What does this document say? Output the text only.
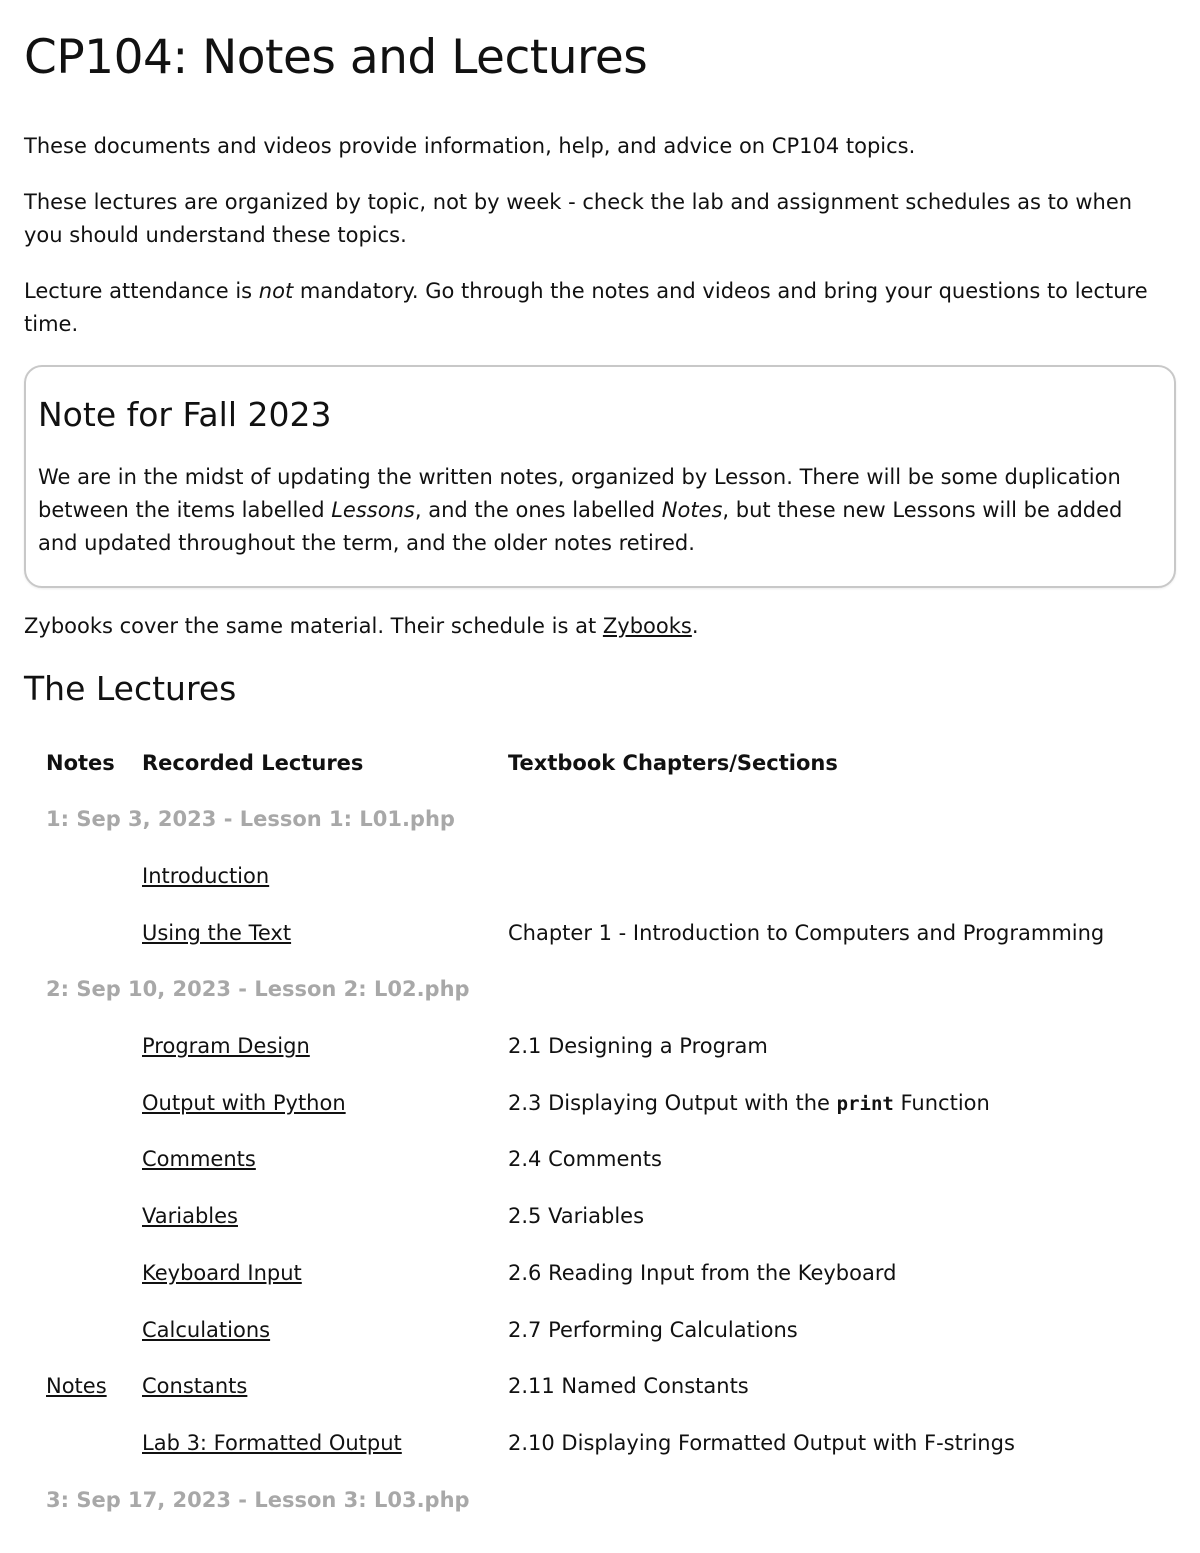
CP104: Notes and Lectures

These documents and videos provide information, help, and advice on CP104 topics.

These lectures are organized by topic, not by week - check the lab and assignment schedules as to when you should understand these topics.

Lecture attendance is not mandatory. Go through the notes and videos and bring your questions to lecture time.

Note for Fall 2023

We are in the midst of updating the written notes, organized by Lesson. There will be some duplication between the items labelled Lessons, and the ones labelled Notes, but these new Lessons will be added and updated throughout the term, and the older notes retired.

Zybooks cover the same material. Their schedule is at Zybooks.

The Lectures
Notes	Recorded Lectures	Textbook Chapters/Sections
1: Sep 3, 2023 - Lesson 1: L01.php		
	Introduction	
	Using the Text	Chapter 1 - Introduction to Computers and Programming
2: Sep 10, 2023 - Lesson 2: L02.php		
	Program Design	2.1 Designing a Program
	Output with Python	2.3 Displaying Output with the print Function
	Comments	2.4 Comments
	Variables	2.5 Variables
	Keyboard Input	2.6 Reading Input from the Keyboard
	Calculations	2.7 Performing Calculations
Notes	Constants	2.11 Named Constants
	Lab 3: Formatted Output	2.10 Displaying Formatted Output with F-strings
3: Sep 17, 2023 - Lesson 3: L03.php		
